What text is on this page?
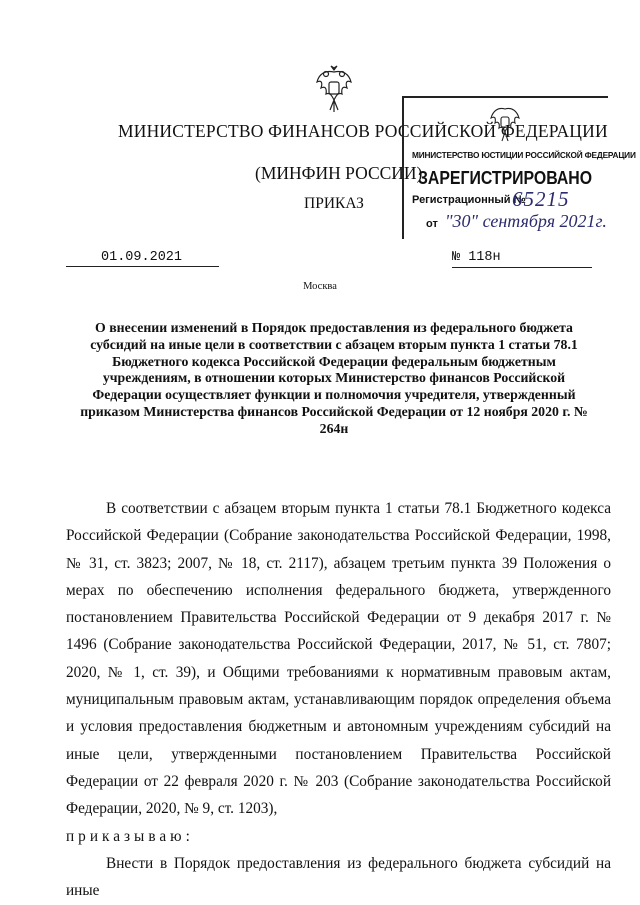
МИНИСТЕРСТВО ФИНАНСОВ РОССИЙСКОЙ ФЕДЕРАЦИИ
(МИНФИН РОССИИ)
ПРИКАЗ
МИНИСТЕРСТВО ЮСТИЦИИ РОССИЙСКОЙ ФЕДЕРАЦИИ
ЗАРЕГИСТРИРОВАНО
Регистрационный №
65215
от "30" сентября 2021г.
01.09.2021	№ 118н
Москва
О внесении изменений в Порядок предоставления из федерального бюджета субсидий на иные цели в соответствии с абзацем вторым пункта 1 статьи 78.1 Бюджетного кодекса Российской Федерации федеральным бюджетным учреждениям, в отношении которых Министерство финансов Российской Федерации осуществляет функции и полномочия учредителя, утвержденный приказом Министерства финансов Российской Федерации от 12 ноября 2020 г. № 264н

В соответствии с абзацем вторым пункта 1 статьи 78.1 Бюджетного кодекса Российской Федерации (Собрание законодательства Российской Федерации, 1998, № 31, ст. 3823; 2007, № 18, ст. 2117), абзацем третьим пункта 39 Положения о мерах по обеспечению исполнения федерального бюджета, утвержденного постановлением Правительства Российской Федерации от 9 декабря 2017 г. № 1496 (Собрание законодательства Российской Федерации, 2017, № 51, ст. 7807; 2020, № 1, ст. 39), и Общими требованиями к нормативным правовым актам, муниципальным правовым актам, устанавливающим порядок определения объема и условия предоставления бюджетным и автономным учреждениям субсидий на иные цели, утвержденными постановлением Правительства Российской Федерации от 22 февраля 2020 г. № 203 (Собрание законодательства Российской Федерации, 2020, № 9, ст. 1203),

приказываю:

Внести в Порядок предоставления из федерального бюджета субсидий на иные
